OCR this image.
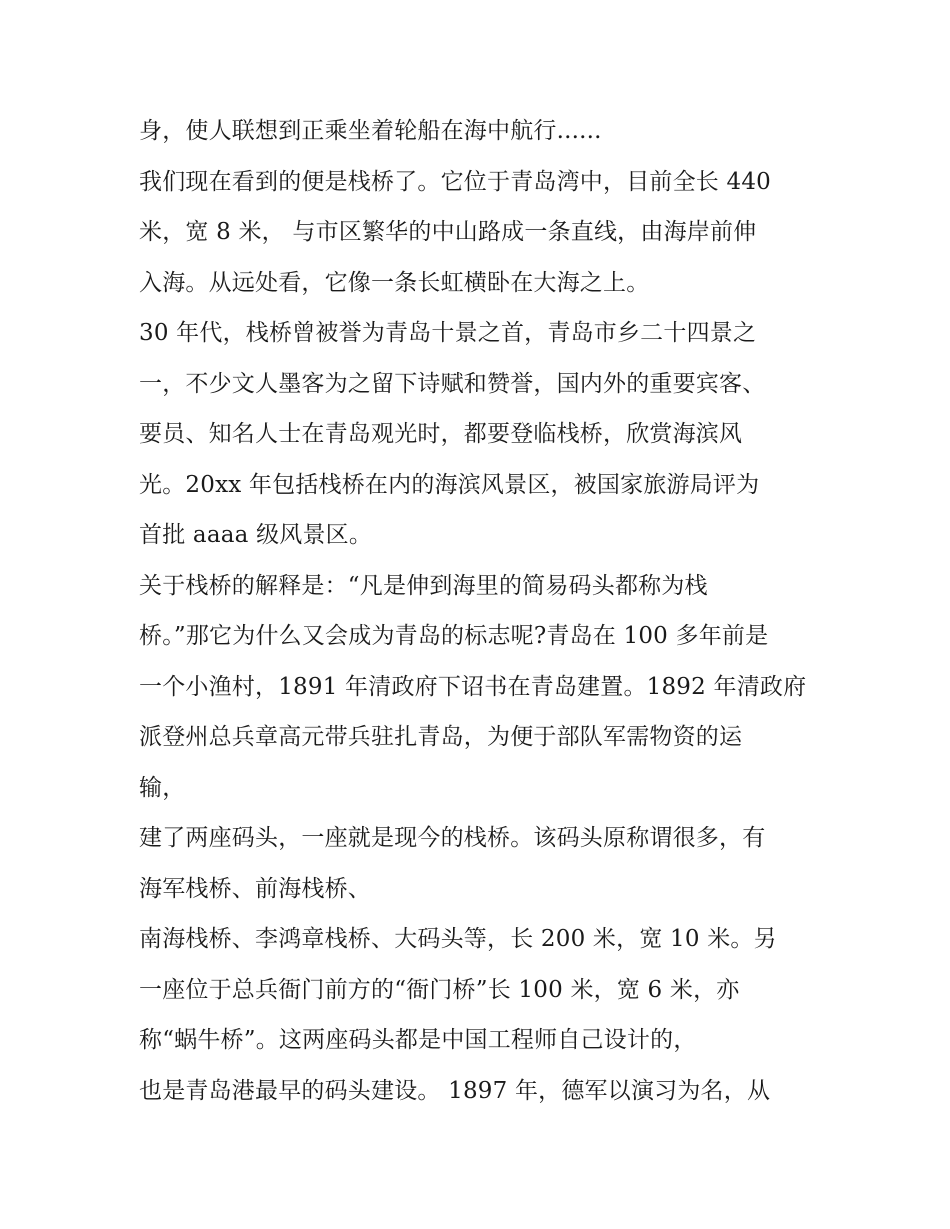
身，使人联想到正乘坐着轮船在海中航行......
我们现在看到的便是栈桥了。它位于青岛湾中，目前全长 440
米，宽 8 米， 与市区繁华的中山路成一条直线，由海岸前伸
入海。从远处看，它像一条长虹横卧在大海之上。
30 年代，栈桥曾被誉为青岛十景之首，青岛市乡二十四景之
一，不少文人墨客为之留下诗赋和赞誉，国内外的重要宾客、
要员、知名人士在青岛观光时，都要登临栈桥，欣赏海滨风
光。20xx 年包括栈桥在内的海滨风景区，被国家旅游局评为
首批 aaaa 级风景区。
关于栈桥的解释是：“凡是伸到海里的简易码头都称为栈
桥。”那它为什么又会成为青岛的标志呢?青岛在 100 多年前是
一个小渔村，1891 年清政府下诏书在青岛建置。1892 年清政府
派登州总兵章高元带兵驻扎青岛，为便于部队军需物资的运
输，
建了两座码头，一座就是现今的栈桥。该码头原称谓很多，有
海军栈桥、前海栈桥、
南海栈桥、李鸿章栈桥、大码头等，长 200 米，宽 10 米。另
一座位于总兵衙门前方的“衙门桥”长 100 米，宽 6 米，亦
称“蜗牛桥”。这两座码头都是中国工程师自己设计的，
也是青岛港最早的码头建设。 1897 年，德军以演习为名，从
